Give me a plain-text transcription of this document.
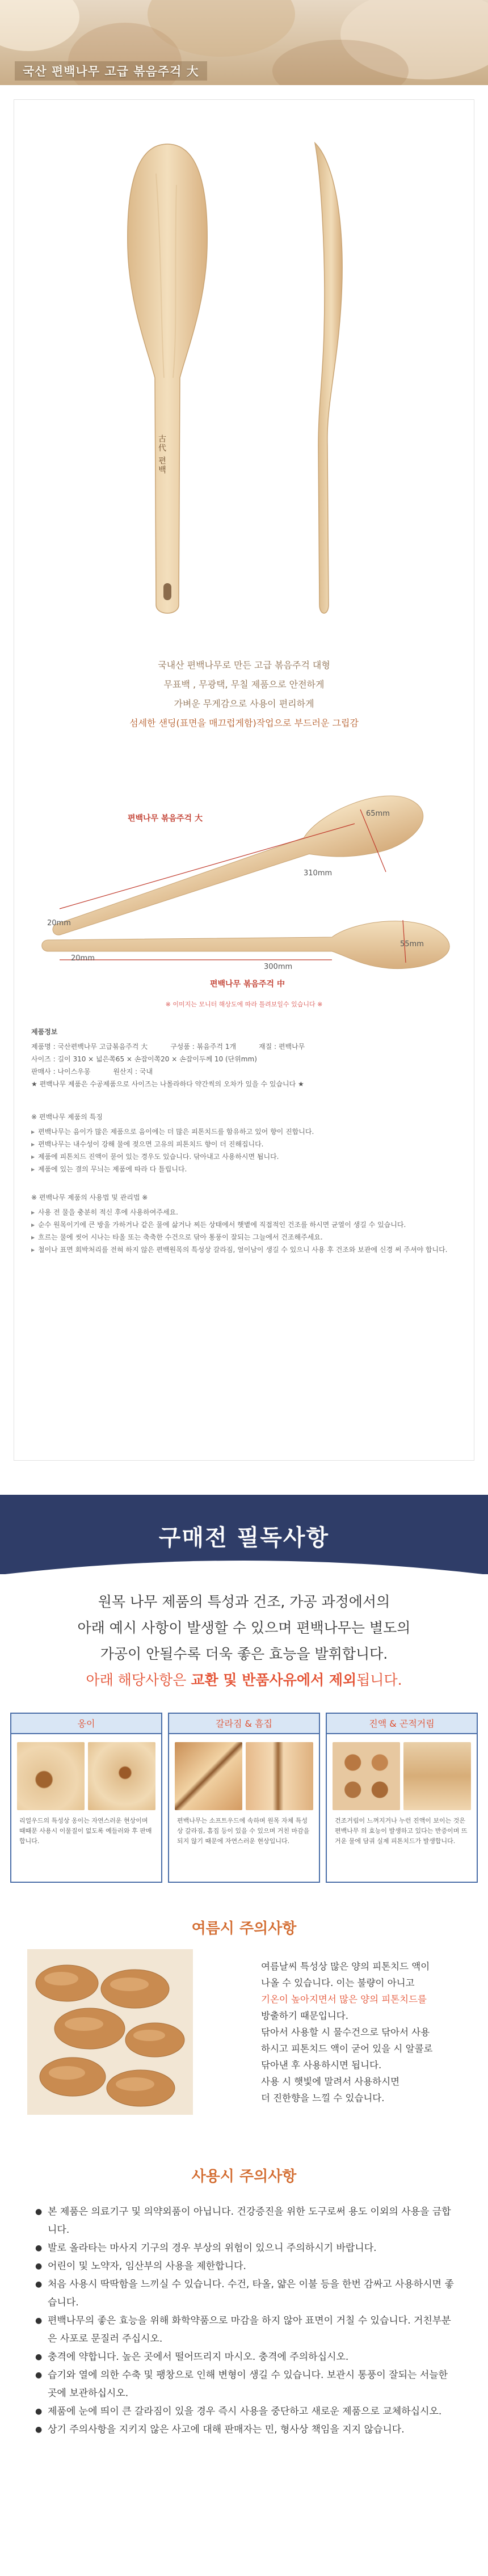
국산 편백나무 고급 볶음주걱 大
古代 편백

국내산 편백나무로 만든 고급 볶음주걱 대형

무표백 , 무광택, 무칠 제품으로 안전하게

가벼운 무게감으로 사용이 편리하게

섬세한 샌딩(표면을 매끄럽게함)작업으로 부드러운 그립감

편백나무 볶음주걱 大
310mm
65mm
20mm
300mm
55mm
20mm
편백나무 볶음주걱 中
※ 이미지는 모니터 해상도에 따라 틀려보일수 있습니다 ※
제품정보
제품명 : 국산편백나무 고급볶음주걱 大	구성품 : 볶음주걱 1개	재질 : 편백나무
사이즈 : 길이 310 × 넓은쪽65 × 손잡이쪽20 × 손잡이두께 10 (단위mm)
판매사 : 나이스우몽	원산지 : 국내
★ 편백나무 제품은 수공제품으로 사이즈는 나몰라하다 약간씩의 오차가 있을 수 있습니다 ★
※ 편백나무 제품의 특징
▶ 편백나무는 음이가 많은 제품으로 음이에는 더 많은 피톤치드를 함유하고 있어 향이 진합니다.
▶ 편백나무는 내수성이 강해 물에 젖으면 고유의 피톤치드 향이 더 진해집니다.
▶ 제품에 피톤치드 진액이 묻어 있는 경우도 있습니다. 닦아내고 사용하시면 됩니다.
▶ 제품에 있는 결의 무늬는 제품에 따라 다 틀립니다.
※ 편백나무 제품의 사용법 및 관리법 ※
▶ 사용 전 물을 충분히 적신 후에 사용하여주세요.
▶ 순수 원목이기에 큰 방울 가하거나 같은 물에 삶거나 찌든 상태에서 햇볕에 직접적인 건조를 하시면 균열이 생길 수 있습니다.
▶ 흐르는 물에 씻어 시나는 타올 또는 축축한 수건으로 닦아 통풍이 잘되는 그늘에서 건조해주세요.
▶ 철이나 표면 회박처리를 전혀 하지 않은 편백원목의 특성상 갈라짐, 얼이남이 생길 수 있으니 사용 후 건조와 보관에 신경 써 주셔야 합니다.
구매전 필독사항
원목 나무 제품의 특성과 건조, 가공 과정에서의
아래 예시 사항이 발생할 수 있으며 편백나무는 별도의
가공이 안될수록 더욱 좋은 효능을 발휘합니다.
아래 해당사항은 교환 및 반품사유에서 제외됩니다.
옹이
리얼우드의 특성상 옹이는 자연스러운 현상이며 때때문 사용시 이물질이 없도록 예들러와 후 판매합니다.
갈라짐 & 흠집
편백나무는 소프트우드에 속하며 원목 자체 특성상 갈라짐, 흠집 등이 있을 수 있으며 거친 마감을 되지 않기 때문에 자연스러운 현상입니다.
진액 & 곤적거림
건조거림이 느껴지거나 누런 진액이 보이는 것은 편백나무 의 효능이 발생하고 있다는 반증이며 뜨거운 물에 담궈 실제 피톤치드가 발생합니다.
여름시 주의사항
여름날씨 특성상 많은 양의 피톤치드 액이
나올 수 있습니다. 이는 불량이 아니고
기온이 높아지면서 많은 양의 피톤치드를
방출하기 때문입니다.
닦아서 사용할 시 물수건으로 닦아서 사용
하시고 피톤치드 액이 굳어 있을 시 알콜로
닦아낸 후 사용하시면 됩니다.
사용 시 햇빛에 말려서 사용하시면
더 진한향을 느낄 수 있습니다.
사용시 주의사항
● 본 제품은 의료기구 및 의약외품이 아닙니다. 건강증진을 위한 도구로써 용도 이외의 사용을 금합니다.
● 발로 올라타는 마사지 기구의 경우 부상의 위험이 있으니 주의하시기 바랍니다.
● 어린이 및 노약자, 임산부의 사용을 제한합니다.
● 처음 사용시 딱딱함을 느끼실 수 있습니다. 수건, 타올, 얇은 이불 등을 한번 감싸고 사용하시면 좋습니다.
● 편백나무의 좋은 효능을 위해 화학약품으로 마감을 하지 않아 표면이 거칠 수 있습니다. 거친부분은 사포로 문질러 주십시오.
● 충격에 약합니다. 높은 곳에서 떨어뜨리지 마시오. 충격에 주의하십시오.
● 습기와 열에 의한 수축 및 팽창으로 인해 변형이 생길 수 있습니다. 보관시 통풍이 잘되는 서늘한 곳에 보관하십시오.
● 제품에 눈에 띄이 큰 갈라짐이 있을 경우 즉시 사용을 중단하고 새로운 제품으로 교체하십시오.
● 상기 주의사항을 지키지 않은 사고에 대해 판매자는 민, 형사상 책임을 지지 않습니다.
